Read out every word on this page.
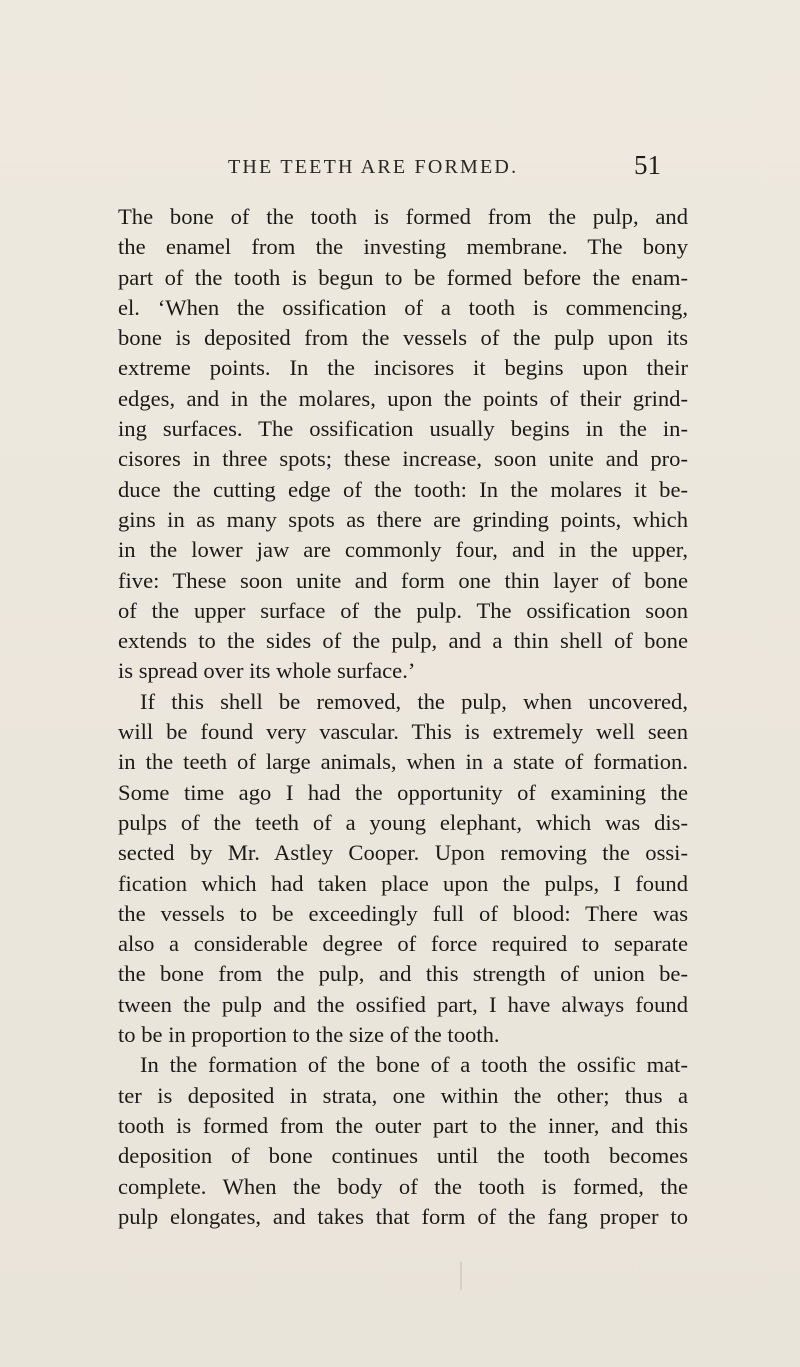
THE TEETH ARE FORMED.	51
The bone of the tooth is formed from the pulp, and
the enamel from the investing membrane. The bony
part of the tooth is begun to be formed before the enam-
el. ‘When the ossification of a tooth is commencing,
bone is deposited from the vessels of the pulp upon its
extreme points. In the incisores it begins upon their
edges, and in the molares, upon the points of their grind-
ing surfaces. The ossification usually begins in the in-
cisores in three spots; these increase, soon unite and pro-
duce the cutting edge of the tooth: In the molares it be-
gins in as many spots as there are grinding points, which
in the lower jaw are commonly four, and in the upper,
five: These soon unite and form one thin layer of bone
of the upper surface of the pulp. The ossification soon
extends to the sides of the pulp, and a thin shell of bone
is spread over its whole surface.’
If this shell be removed, the pulp, when uncovered,
will be found very vascular. This is extremely well seen
in the teeth of large animals, when in a state of formation.
Some time ago I had the opportunity of examining the
pulps of the teeth of a young elephant, which was dis-
sected by Mr. Astley Cooper. Upon removing the ossi-
fication which had taken place upon the pulps, I found
the vessels to be exceedingly full of blood: There was
also a considerable degree of force required to separate
the bone from the pulp, and this strength of union be-
tween the pulp and the ossified part, I have always found
to be in proportion to the size of the tooth.
In the formation of the bone of a tooth the ossific mat-
ter is deposited in strata, one within the other; thus a
tooth is formed from the outer part to the inner, and this
deposition of bone continues until the tooth becomes
complete. When the body of the tooth is formed, the
pulp elongates, and takes that form of the fang proper to
